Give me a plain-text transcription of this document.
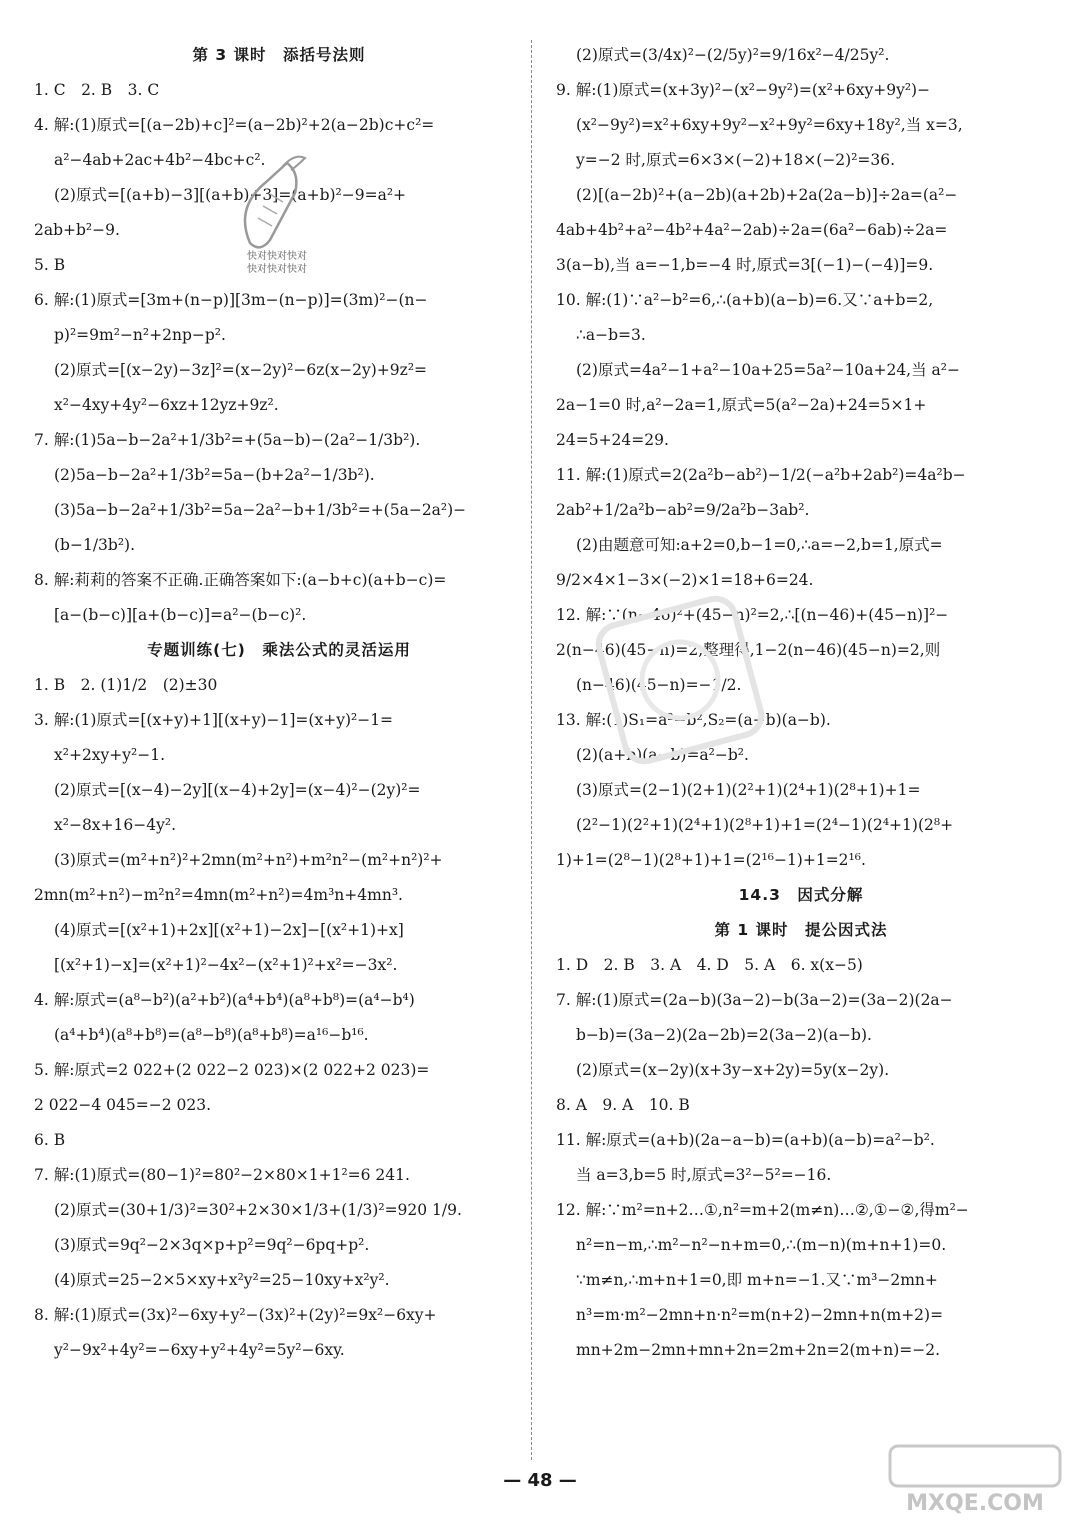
第 3 课时　添括号法则
1. C　2. B　3. C
4. 解:(1)原式=[(a−2b)+c]²=(a−2b)²+2(a−2b)c+c²=
a²−4ab+2ac+4b²−4bc+c².
(2)原式=[(a+b)−3][(a+b)+3]=(a+b)²−9=a²+
2ab+b²−9.
5. B
6. 解:(1)原式=[3m+(n−p)][3m−(n−p)]=(3m)²−(n−
p)²=9m²−n²+2np−p².
(2)原式=[(x−2y)−3z]²=(x−2y)²−6z(x−2y)+9z²=
x²−4xy+4y²−6xz+12yz+9z².
7. 解:(1)5a−b−2a²+1/3b²=+(5a−b)−(2a²−1/3b²).
(2)5a−b−2a²+1/3b²=5a−(b+2a²−1/3b²).
(3)5a−b−2a²+1/3b²=5a−2a²−b+1/3b²=+(5a−2a²)−
(b−1/3b²).
8. 解:莉莉的答案不正确.正确答案如下:(a−b+c)(a+b−c)=
[a−(b−c)][a+(b−c)]=a²−(b−c)².
专题训练(七)　乘法公式的灵活运用
1. B　2. (1)1/2　(2)±30
3. 解:(1)原式=[(x+y)+1][(x+y)−1]=(x+y)²−1=
x²+2xy+y²−1.
(2)原式=[(x−4)−2y][(x−4)+2y]=(x−4)²−(2y)²=
x²−8x+16−4y².
(3)原式=(m²+n²)²+2mn(m²+n²)+m²n²−(m²+n²)²+
2mn(m²+n²)−m²n²=4mn(m²+n²)=4m³n+4mn³.
(4)原式=[(x²+1)+2x][(x²+1)−2x]−[(x²+1)+x]
[(x²+1)−x]=(x²+1)²−4x²−(x²+1)²+x²=−3x².
4. 解:原式=(a⁸−b²)(a²+b²)(a⁴+b⁴)(a⁸+b⁸)=(a⁴−b⁴)
(a⁴+b⁴)(a⁸+b⁸)=(a⁸−b⁸)(a⁸+b⁸)=a¹⁶−b¹⁶.
5. 解:原式=2 022+(2 022−2 023)×(2 022+2 023)=
2 022−4 045=−2 023.
6. B
7. 解:(1)原式=(80−1)²=80²−2×80×1+1²=6 241.
(2)原式=(30+1/3)²=30²+2×30×1/3+(1/3)²=920 1/9.
(3)原式=9q²−2×3q×p+p²=9q²−6pq+p².
(4)原式=25−2×5×xy+x²y²=25−10xy+x²y².
8. 解:(1)原式=(3x)²−6xy+y²−(3x)²+(2y)²=9x²−6xy+
y²−9x²+4y²=−6xy+y²+4y²=5y²−6xy.
(2)原式=(3/4x)²−(2/5y)²=9/16x²−4/25y².
9. 解:(1)原式=(x+3y)²−(x²−9y²)=(x²+6xy+9y²)−
(x²−9y²)=x²+6xy+9y²−x²+9y²=6xy+18y²,当 x=3,
y=−2 时,原式=6×3×(−2)+18×(−2)²=36.
(2)[(a−2b)²+(a−2b)(a+2b)+2a(2a−b)]÷2a=(a²−
4ab+4b²+a²−4b²+4a²−2ab)÷2a=(6a²−6ab)÷2a=
3(a−b),当 a=−1,b=−4 时,原式=3[(−1)−(−4)]=9.
10. 解:(1)∵a²−b²=6,∴(a+b)(a−b)=6.又∵a+b=2,
∴a−b=3.
(2)原式=4a²−1+a²−10a+25=5a²−10a+24,当 a²−
2a−1=0 时,a²−2a=1,原式=5(a²−2a)+24=5×1+
24=5+24=29.
11. 解:(1)原式=2(2a²b−ab²)−1/2(−a²b+2ab²)=4a²b−
2ab²+1/2a²b−ab²=9/2a²b−3ab².
(2)由题意可知:a+2=0,b−1=0,∴a=−2,b=1,原式=
9/2×4×1−3×(−2)×1=18+6=24.
12. 解:∵(n−46)²+(45−n)²=2,∴[(n−46)+(45−n)]²−
2(n−46)(45−n)=2,整理得,1−2(n−46)(45−n)=2,则
(n−46)(45−n)=−1/2.
13. 解:(1)S₁=a²−b²,S₂=(a+b)(a−b).
(2)(a+b)(a−b)=a²−b².
(3)原式=(2−1)(2+1)(2²+1)(2⁴+1)(2⁸+1)+1=
(2²−1)(2²+1)(2⁴+1)(2⁸+1)+1=(2⁴−1)(2⁴+1)(2⁸+
1)+1=(2⁸−1)(2⁸+1)+1=(2¹⁶−1)+1=2¹⁶.
14.3　因式分解
第 1 课时　提公因式法
1. D　2. B　3. A　4. D　5. A　6. x(x−5)
7. 解:(1)原式=(2a−b)(3a−2)−b(3a−2)=(3a−2)(2a−
b−b)=(3a−2)(2a−2b)=2(3a−2)(a−b).
(2)原式=(x−2y)(x+3y−x+2y)=5y(x−2y).
8. A　9. A　10. B
11. 解:原式=(a+b)(2a−a−b)=(a+b)(a−b)=a²−b².
当 a=3,b=5 时,原式=3²−5²=−16.
12. 解:∵m²=n+2…①,n²=m+2(m≠n)…②,①−②,得m²−
n²=n−m,∴m²−n²−n+m=0,∴(m−n)(m+n+1)=0.
∵m≠n,∴m+n+1=0,即 m+n=−1.又∵m³−2mn+
n³=m·m²−2mn+n·n²=m(n+2)−2mn+n(m+2)=
mn+2m−2mn+mn+2n=2m+2n=2(m+n)=−2.
快对快对快对
快对快对快对
— 48 —
MXQE.COM
